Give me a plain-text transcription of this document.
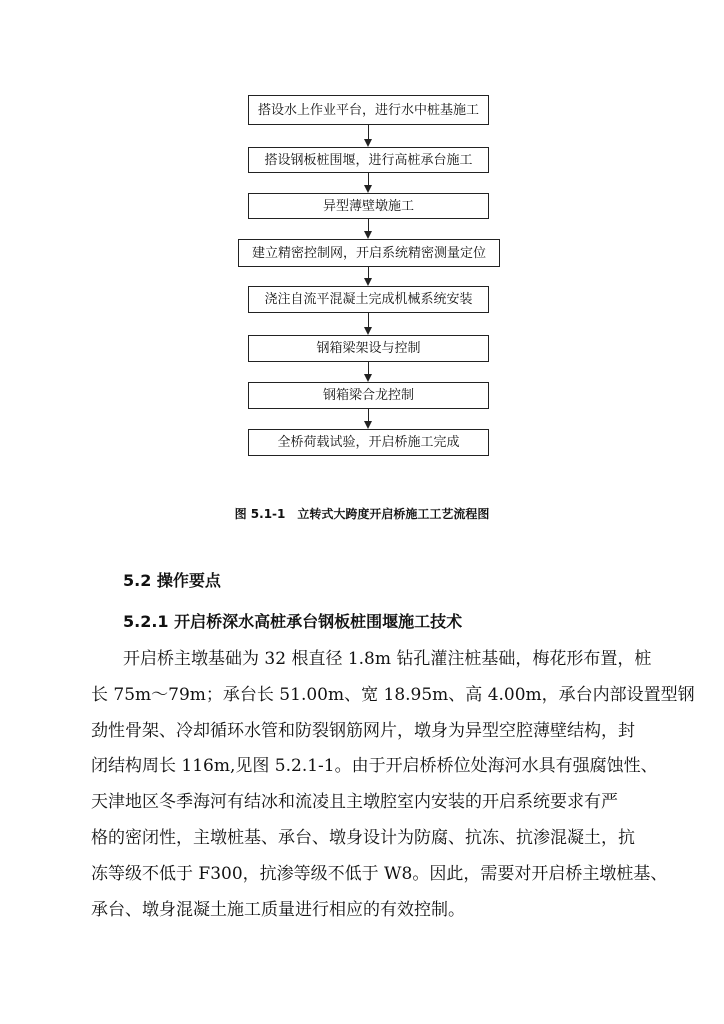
搭设水上作业平台，进行水中桩基施工
搭设钢板桩围堰，进行高桩承台施工
异型薄壁墩施工
建立精密控制网，开启系统精密测量定位
浇注自流平混凝土完成机械系统安装
钢箱梁架设与控制
钢箱梁合龙控制
全桥荷载试验，开启桥施工完成
图 5.1-1　立转式大跨度开启桥施工工艺流程图
5.2 操作要点
5.2.1 开启桥深水高桩承台钢板桩围堰施工技术

开启桥主墩基础为 32 根直径 1.8m 钻孔灌注桩基础，梅花形布置，桩

长 75m～79m；承台长 51.00m、宽 18.95m、高 4.00m，承台内部设置型钢

劲性骨架、冷却循环水管和防裂钢筋网片，墩身为异型空腔薄壁结构，封

闭结构周长 116m,见图 5.2.1-1。由于开启桥桥位处海河水具有强腐蚀性、

天津地区冬季海河有结冰和流凌且主墩腔室内安装的开启系统要求有严

格的密闭性，主墩桩基、承台、墩身设计为防腐、抗冻、抗渗混凝土，抗

冻等级不低于 F300，抗渗等级不低于 W8。因此，需要对开启桥主墩桩基、

承台、墩身混凝土施工质量进行相应的有效控制。
